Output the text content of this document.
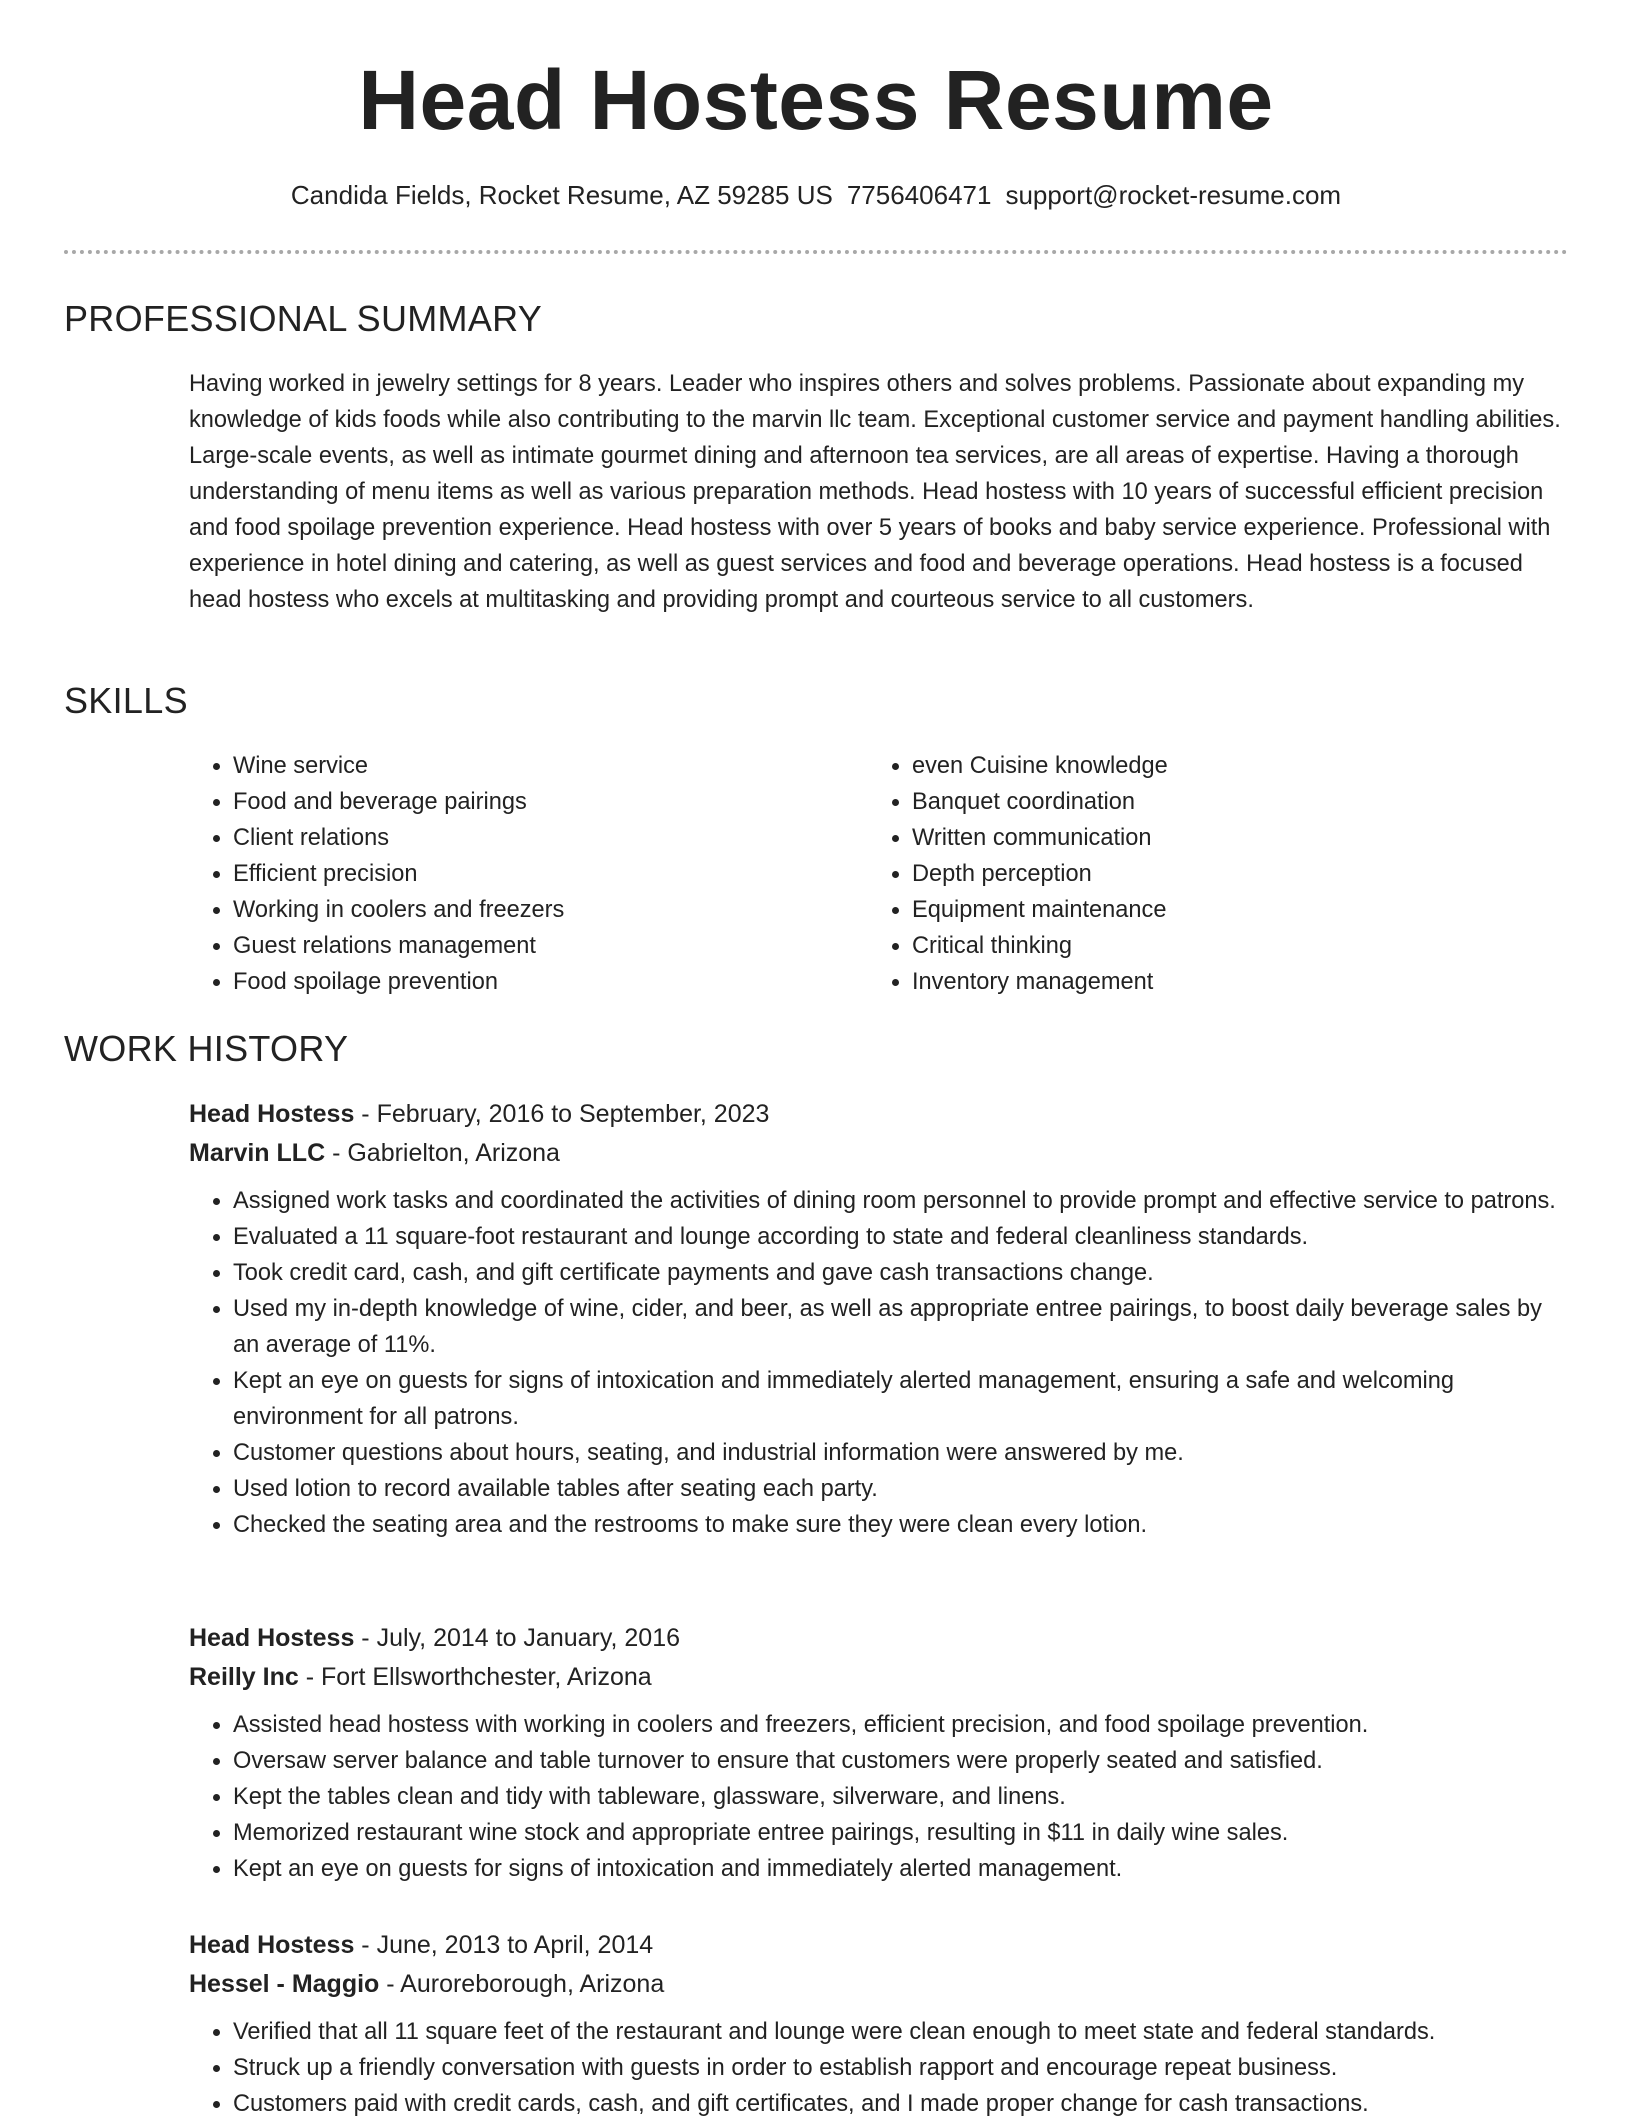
Head Hostess Resume
Candida Fields, Rocket Resume, AZ 59285 US 7756406471 support@rocket-resume.com
PROFESSIONAL SUMMARY

Having worked in jewelry settings for 8 years. Leader who inspires others and solves problems. Passionate about expanding my knowledge of kids foods while also contributing to the marvin llc team. Exceptional customer service and payment handling abilities. Large-scale events, as well as intimate gourmet dining and afternoon tea services, are all areas of expertise. Having a thorough understanding of menu items as well as various preparation methods. Head hostess with 10 years of successful efficient precision and food spoilage prevention experience. Head hostess with over 5 years of books and baby service experience. Professional with experience in hotel dining and catering, as well as guest services and food and beverage operations. Head hostess is a focused head hostess who excels at multitasking and providing prompt and courteous service to all customers.

SKILLS
• Wine service
• Food and beverage pairings
• Client relations
• Efficient precision
• Working in coolers and freezers
• Guest relations management
• Food spoilage prevention
• even Cuisine knowledge
• Banquet coordination
• Written communication
• Depth perception
• Equipment maintenance
• Critical thinking
• Inventory management
WORK HISTORY
Head Hostess - February, 2016 to September, 2023
Marvin LLC - Gabrielton, Arizona
• Assigned work tasks and coordinated the activities of dining room personnel to provide prompt and effective service to patrons.
• Evaluated a 11 square-foot restaurant and lounge according to state and federal cleanliness standards.
• Took credit card, cash, and gift certificate payments and gave cash transactions change.
• Used my in-depth knowledge of wine, cider, and beer, as well as appropriate entree pairings, to boost daily beverage sales by an average of 11%.
• Kept an eye on guests for signs of intoxication and immediately alerted management, ensuring a safe and welcoming environment for all patrons.
• Customer questions about hours, seating, and industrial information were answered by me.
• Used lotion to record available tables after seating each party.
• Checked the seating area and the restrooms to make sure they were clean every lotion.
Head Hostess - July, 2014 to January, 2016
Reilly Inc - Fort Ellsworthchester, Arizona
• Assisted head hostess with working in coolers and freezers, efficient precision, and food spoilage prevention.
• Oversaw server balance and table turnover to ensure that customers were properly seated and satisfied.
• Kept the tables clean and tidy with tableware, glassware, silverware, and linens.
• Memorized restaurant wine stock and appropriate entree pairings, resulting in $11 in daily wine sales.
• Kept an eye on guests for signs of intoxication and immediately alerted management.
Head Hostess - June, 2013 to April, 2014
Hessel - Maggio - Auroreborough, Arizona
• Verified that all 11 square feet of the restaurant and lounge were clean enough to meet state and federal standards.
• Struck up a friendly conversation with guests in order to establish rapport and encourage repeat business.
• Customers paid with credit cards, cash, and gift certificates, and I made proper change for cash transactions.
